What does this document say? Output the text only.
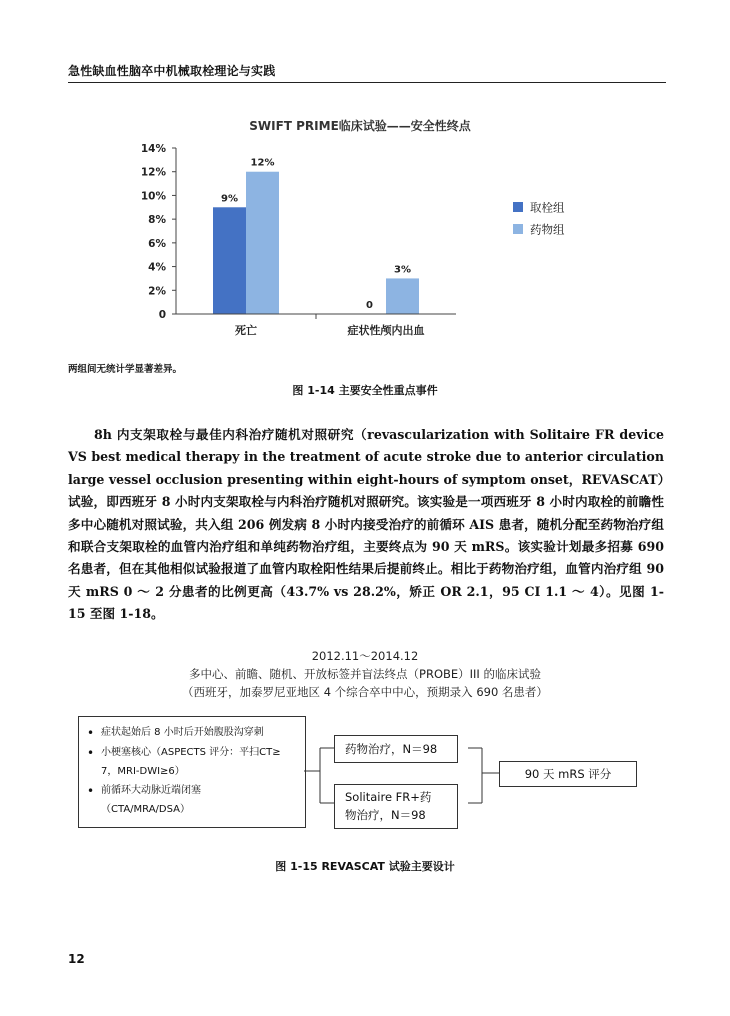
急性缺血性脑卒中机械取栓理论与实践
SWIFT PRIME临床试验——安全性终点
0
2%
4%
6%
8%
10%
12%
14%
9%
12%
0
3%
死亡	症状性颅内出血
取栓组
药物组
两组间无统计学显著差异。
图 1-14 主要安全性重点事件

8h 内支架取栓与最佳内科治疗随机对照研究（revascularization with Solitaire FR device VS best medical therapy in the treatment of acute stroke due to anterior circulation large vessel occlusion presenting within eight-hours of symptom onset，REVASCAT）试验，即西班牙 8 小时内支架取栓与内科治疗随机对照研究。该实验是一项西班牙 8 小时内取栓的前瞻性多中心随机对照试验，共入组 206 例发病 8 小时内接受治疗的前循环 AIS 患者，随机分配至药物治疗组和联合支架取栓的血管内治疗组和单纯药物治疗组，主要终点为 90 天 mRS。该实验计划最多招募 690 名患者，但在其他相似试验报道了血管内取栓阳性结果后提前终止。相比于药物治疗组，血管内治疗组 90 天 mRS 0 ～ 2 分患者的比例更高（43.7% vs 28.2%，矫正 OR 2.1，95 CI 1.1 ～ 4）。见图 1-15 至图 1-18。

2012.11～2014.12
多中心、前瞻、随机、开放标签并盲法终点（PROBE）III 的临床试验
（西班牙，加泰罗尼亚地区 4 个综合卒中中心，预期录入 690 名患者）
• 症状起始后 8 小时后开始腹股沟穿刺
• 小梗塞核心（ASPECTS 评分：平扫CT≥
7，MRI-DWI≥6）
• 前循环大动脉近端闭塞
（CTA/MRA/DSA）
药物治疗，N＝98
Solitaire FR+药
物治疗，N＝98
90 天 mRS 评分
图 1-15 REVASCAT 试验主要设计
12
